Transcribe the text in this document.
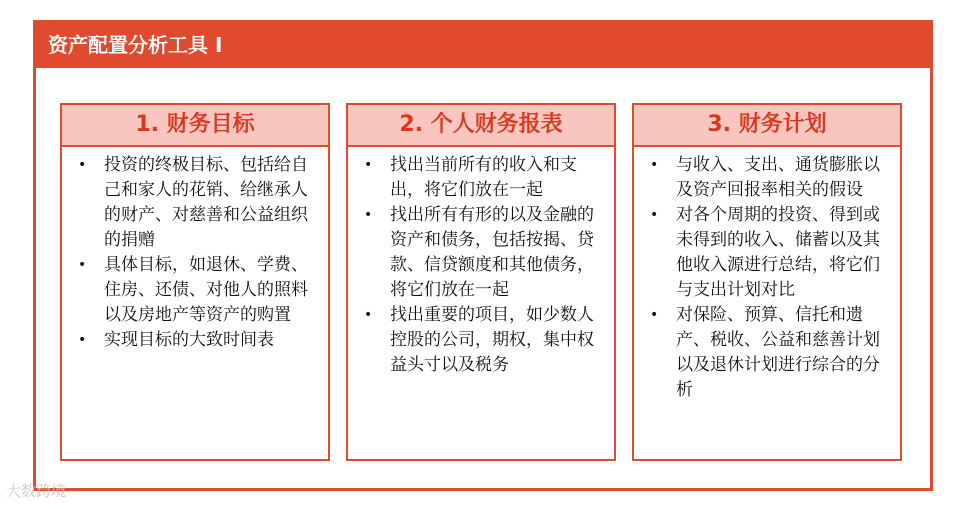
资产配置分析工具 I
1. 财务目标
• 投资的终极目标、包括给自己和家人的花销、给继承人的财产、对慈善和公益组织的捐赠
• 具体目标，如退休、学费、住房、还债、对他人的照料以及房地产等资产的购置
• 实现目标的大致时间表
2. 个人财务报表
• 找出当前所有的收入和支出，将它们放在一起
• 找出所有有形的以及金融的资产和债务，包括按揭、贷款、信贷额度和其他债务，将它们放在一起
• 找出重要的项目，如少数人控股的公司，期权，集中权益头寸以及税务
3. 财务计划
• 与收入、支出、通货膨胀以及资产回报率相关的假设
• 对各个周期的投资、得到或未得到的收入、储蓄以及其他收入源进行总结，将它们与支出计划对比
• 对保险、预算、信托和遗产、税收、公益和慈善计划以及退休计划进行综合的分析
大数跨境
